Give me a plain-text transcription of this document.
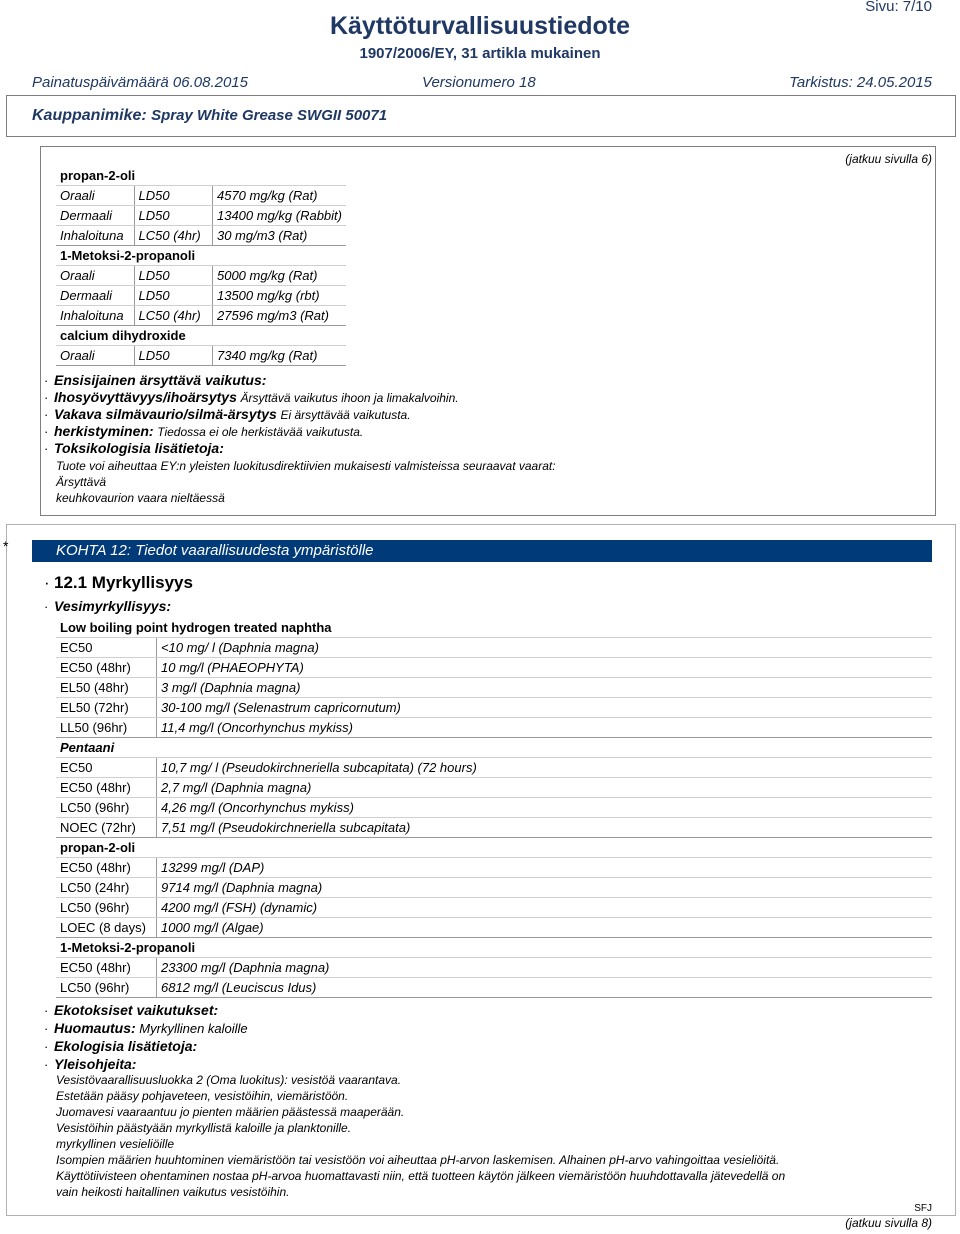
Sivu: 7/10
Käyttöturvallisuustiedote
1907/2006/EY, 31 artikla mukainen
Painatuspäivämäärä 06.08.2015	Versionumero 18	Tarkistus: 24.05.2015
Kauppanimike: Spray White Grease SWGII 50071
(jatkuu sivulla 6)
propan-2-oli		
Oraali	LD50	4570 mg/kg (Rat)
Dermaali	LD50	13400 mg/kg (Rabbit)
Inhaloituna	LC50 (4hr)	30 mg/m3 (Rat)
1-Metoksi-2-propanoli		
Oraali	LD50	5000 mg/kg (Rat)
Dermaali	LD50	13500 mg/kg (rbt)
Inhaloituna	LC50 (4hr)	27596 mg/m3 (Rat)
calcium dihydroxide		
Oraali	LD50	7340 mg/kg (Rat)
· Ensisijainen ärsyttävä vaikutus:
· Ihosyövyttävyys/ihoärsytys Ärsyttävä vaikutus ihoon ja limakalvoihin.
· Vakava silmävaurio/silmä-ärsytys Ei ärsyttävää vaikutusta.
· herkistyminen: Tiedossa ei ole herkistävää vaikutusta.
· Toksikologisia lisätietoja:
Tuote voi aiheuttaa EY:n yleisten luokitusdirektiivien mukaisesti valmisteissa seuraavat vaarat:
Ärsyttävä
keuhkovaurion vaara nieltäessä
*	KOHTA 12: Tiedot vaarallisuudesta ympäristölle
· 12.1 Myrkyllisyys
· Vesimyrkyllisyys:
Low boiling point hydrogen treated naphtha	
EC50	<10 mg/ l (Daphnia magna)
EC50 (48hr)	10 mg/l (PHAEOPHYTA)
EL50 (48hr)	3 mg/l (Daphnia magna)
EL50 (72hr)	30-100 mg/l (Selenastrum capricornutum)
LL50 (96hr)	11,4 mg/l (Oncorhynchus mykiss)
Pentaani	
EC50	10,7 mg/ l (Pseudokirchneriella subcapitata) (72 hours)
EC50 (48hr)	2,7 mg/l (Daphnia magna)
LC50 (96hr)	4,26 mg/l (Oncorhynchus mykiss)
NOEC (72hr)	7,51 mg/l (Pseudokirchneriella subcapitata)
propan-2-oli	
EC50 (48hr)	13299 mg/l (DAP)
LC50 (24hr)	9714 mg/l (Daphnia magna)
LC50 (96hr)	4200 mg/l (FSH) (dynamic)
LOEC (8 days)	1000 mg/l (Algae)
1-Metoksi-2-propanoli	
EC50 (48hr)	23300 mg/l (Daphnia magna)
LC50 (96hr)	6812 mg/l (Leuciscus Idus)
· Ekotoksiset vaikutukset:
· Huomautus: Myrkyllinen kaloille
· Ekologisia lisätietoja:
· Yleisohjeita:
Vesistövaarallisuusluokka 2 (Oma luokitus): vesistöä vaarantava.
Estetään pääsy pohjaveteen, vesistöihin, viemäristöön.
Juomavesi vaaraantuu jo pienten määrien päästessä maaperään.
Vesistöihin päästyään myrkyllistä kaloille ja planktonille.
myrkyllinen vesieliöille
Isompien määrien huuhtominen viemäristöön tai vesistöön voi aiheuttaa pH-arvon laskemisen. Alhainen pH-arvo vahingoittaa vesieliöitä.
Käyttötiivisteen ohentaminen nostaa pH-arvoa huomattavasti niin, että tuotteen käytön jälkeen viemäristöön huuhdottavalla jätevedellä on
vain heikosti haitallinen vaikutus vesistöihin.
SFJ
(jatkuu sivulla 8)
